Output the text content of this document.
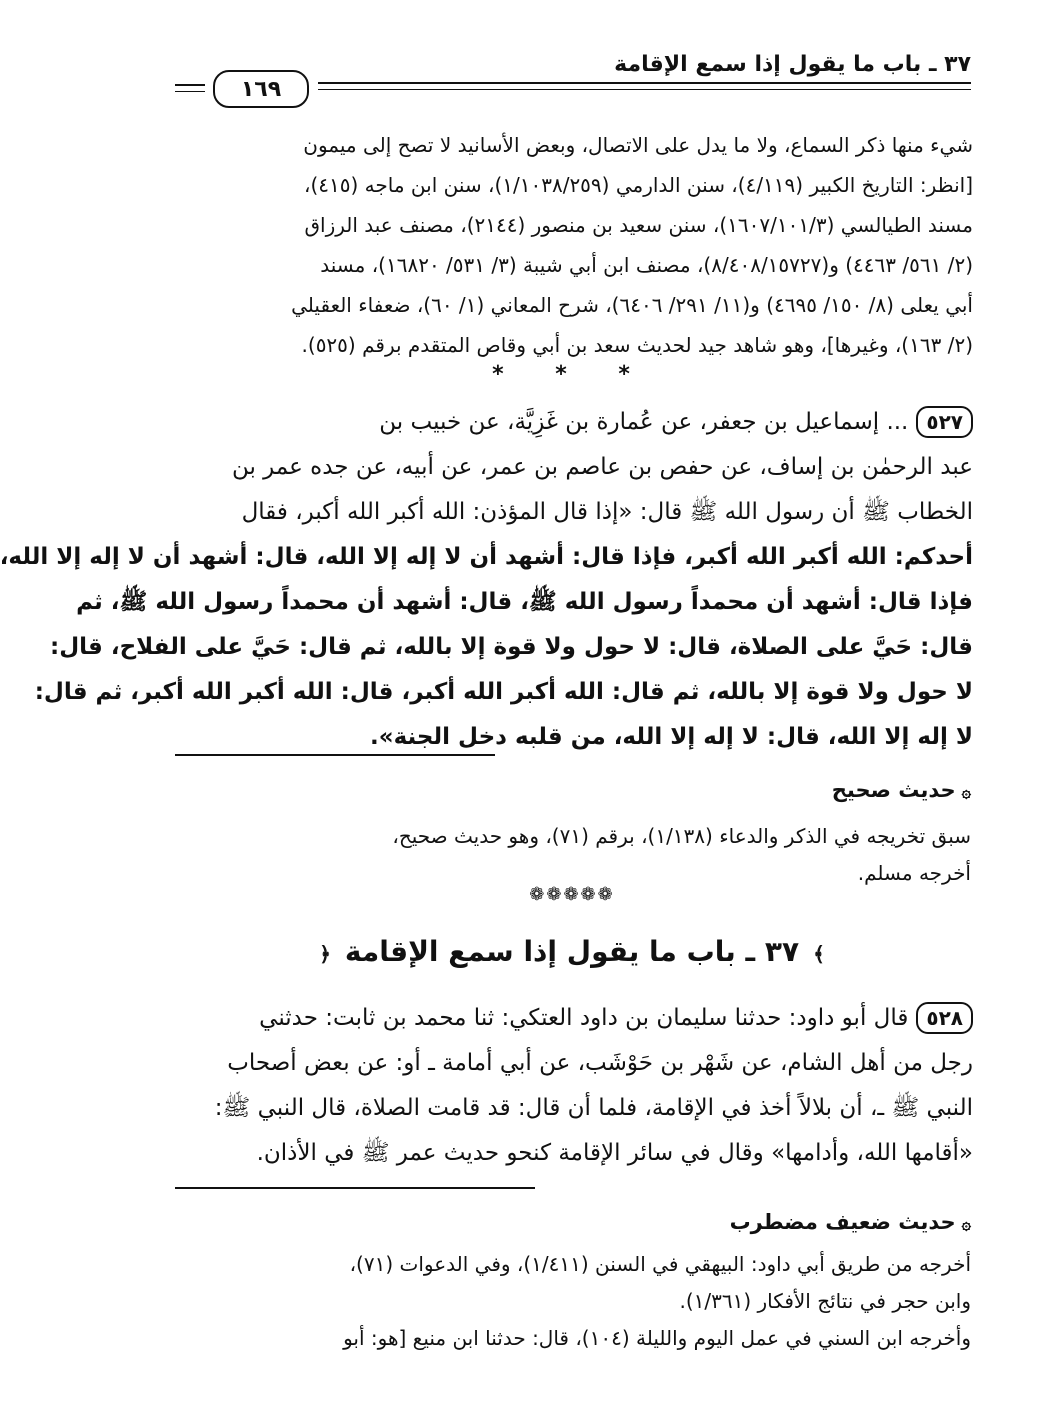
٣٧ ـ باب ما يقول إذا سمع الإقامة
١٦٩
شيء منها ذكر السماع، ولا ما يدل على الاتصال، وبعض الأسانيد لا تصح إلى ميمون
[انظر: التاريخ الكبير (٤/١١٩)، سنن الدارمي (١/١٠٣٨/٢٥٩)، سنن ابن ماجه (٤١٥)،
مسند الطيالسي (١٦٠٧/١٠١/٣)، سنن سعيد بن منصور (٢١٤٤)، مصنف عبد الرزاق
(٢/ ٥٦١/ ٤٤٦٣) و(٨/٤٠٨/١٥٧٢٧)، مصنف ابن أبي شيبة (٣/ ٥٣١/ ١٦٨٢٠)، مسند
أبي يعلى (٨/ ١٥٠/ ٤٦٩٥) و(١١/ ٢٩١/ ٦٤٠٦)، شرح المعاني (١/ ٦٠)، ضعفاء العقيلي
(٢/ ١٦٣)، وغيرها]، وهو شاهد جيد لحديث سعد بن أبي وقاص المتقدم برقم (٥٢٥).
* * *
٥٢٧... إسماعيل بن جعفر، عن عُمارة بن غَزِيَّة، عن خبيب بن
عبد الرحمٰن بن إساف، عن حفص بن عاصم بن عمر، عن أبيه، عن جده عمر بن
الخطاب ﷺ أن رسول الله ﷺ قال: «إذا قال المؤذن: الله أكبر الله أكبر، فقال
أحدكم: الله أكبر الله أكبر، فإذا قال: أشهد أن لا إله إلا الله، قال: أشهد أن لا إله إلا الله،
فإذا قال: أشهد أن محمداً رسول الله ﷺ، قال: أشهد أن محمداً رسول الله ﷺ، ثم
قال: حَيَّ على الصلاة، قال: لا حول ولا قوة إلا بالله، ثم قال: حَيَّ على الفلاح، قال:
لا حول ولا قوة إلا بالله، ثم قال: الله أكبر الله أكبر، قال: الله أكبر الله أكبر، ثم قال:
لا إله إلا الله، قال: لا إله إلا الله، من قلبه دخل الجنة».
۞حديث صحيح
سبق تخريجه في الذكر والدعاء (١/١٣٨)، برقم (٧١)، وهو حديث صحيح،
أخرجه مسلم.
❁❁❁❁❁
﴾٣٧ ـ باب ما يقول إذا سمع الإقامة﴿
٥٢٨قال أبو داود: حدثنا سليمان بن داود العتكي: ثنا محمد بن ثابت: حدثني
رجل من أهل الشام، عن شَهْر بن حَوْشَب، عن أبي أمامة ـ أو: عن بعض أصحاب
النبي ﷺ ـ، أن بلالاً أخذ في الإقامة، فلما أن قال: قد قامت الصلاة، قال النبي ﷺ:
«أقامها الله، وأدامها» وقال في سائر الإقامة كنحو حديث عمر ﷺ في الأذان.
۞حديث ضعيف مضطرب
أخرجه من طريق أبي داود: البيهقي في السنن (١/٤١١)، وفي الدعوات (٧١)،
وابن حجر في نتائج الأفكار (١/٣٦١).
وأخرجه ابن السني في عمل اليوم والليلة (١٠٤)، قال: حدثنا ابن منيع [هو: أبو
